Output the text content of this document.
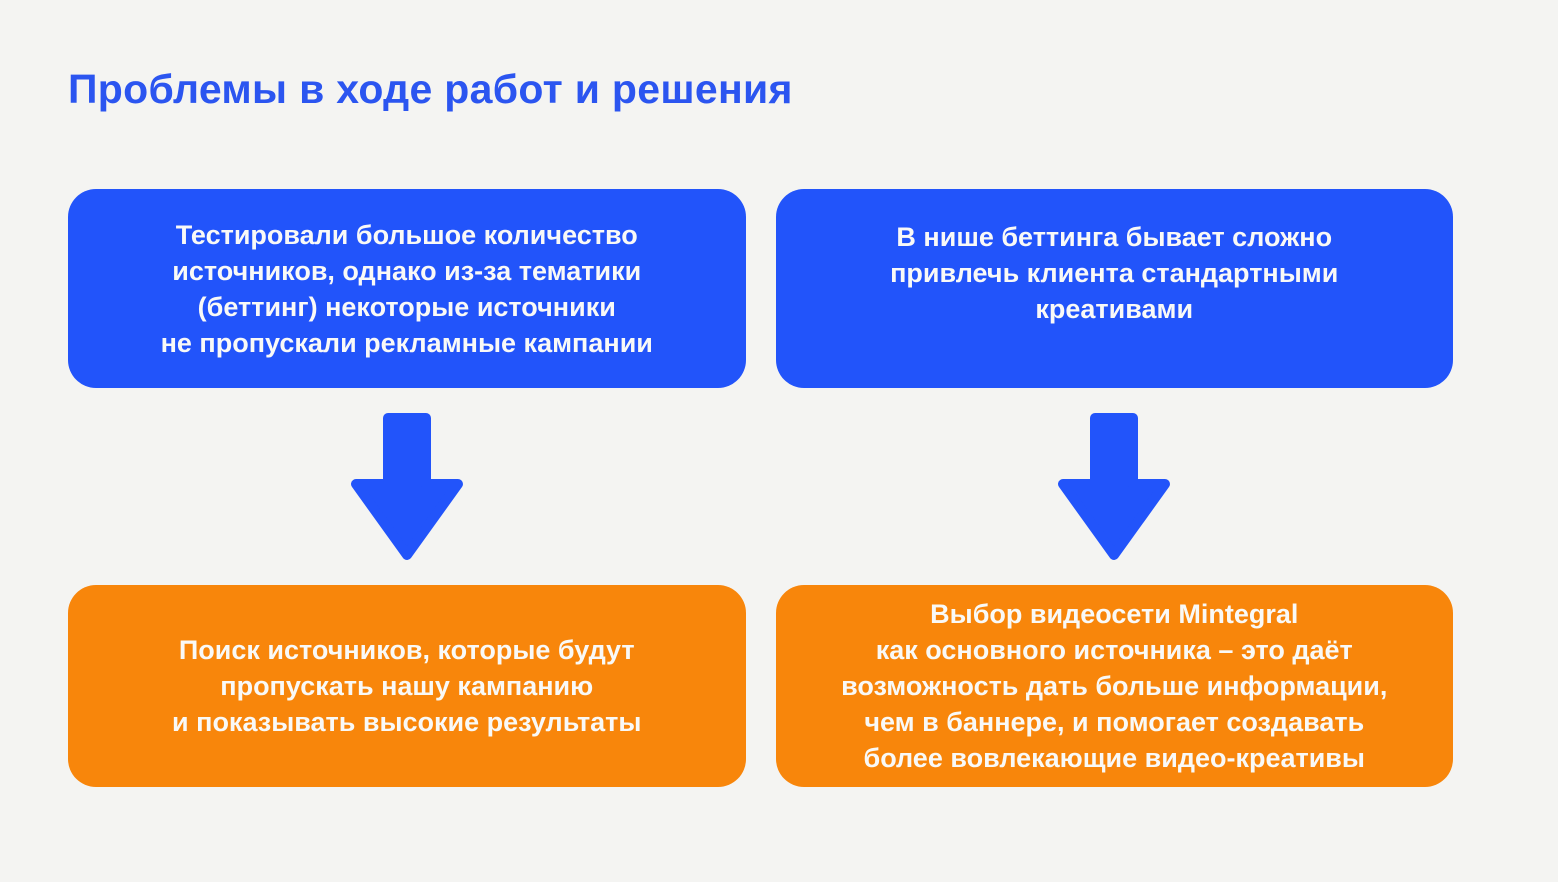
Проблемы в ходе работ и решения
Тестировали большое количество
источников, однако из-за тематики
(беттинг) некоторые источники
не пропускали рекламные кампании
Поиск источников, которые будут
пропускать нашу кампанию
и показывать высокие результаты
В нише беттинга бывает сложно
привлечь клиента стандартными
креативами
Выбор видеосети Mintegral
как основного источника – это даёт
возможность дать больше информации,
чем в баннере, и помогает создавать
более вовлекающие видео-креативы
